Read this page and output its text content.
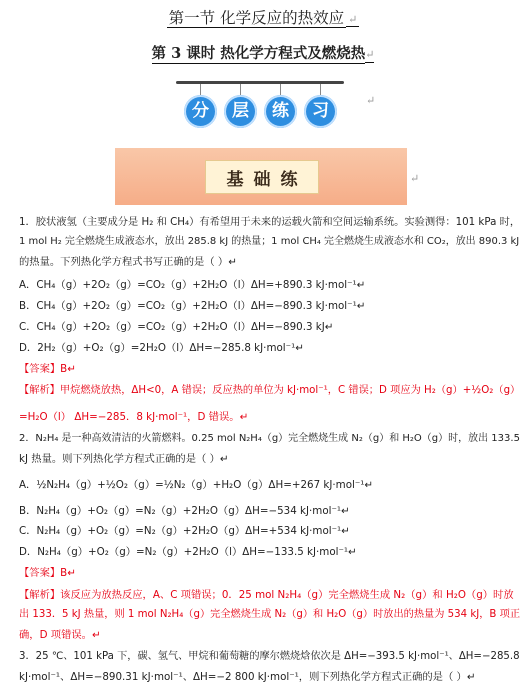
第一节 化学反应的热效应 ↵
第 3 课时 热化学方程式及燃烧热↵
分	层	练	习
↵
基础练	↵
1．胶状液氢（主要成分是 H₂ 和 CH₄）有希望用于未来的运载火箭和空间运输系统。实验测得：101 kPa 时，
1 mol H₂ 完全燃烧生成液态水，放出 285.8 kJ 的热量；1 mol CH₄ 完全燃烧生成液态水和 CO₂，放出 890.3 kJ
的热量。下列热化学方程式书写正确的是（ ）↵
A．CH₄（g）+2O₂（g）=CO₂（g）+2H₂O（l）ΔH=+890.3 kJ·mol⁻¹↵
B．CH₄（g）+2O₂（g）=CO₂（g）+2H₂O（l）ΔH=−890.3 kJ·mol⁻¹↵
C．CH₄（g）+2O₂（g）=CO₂（g）+2H₂O（l）ΔH=−890.3 kJ↵
D．2H₂（g）+O₂（g）=2H₂O（l）ΔH=−285.8 kJ·mol⁻¹↵
【答案】B↵
【解析】甲烷燃烧放热，ΔH<0，A 错误；反应热的单位为 kJ·mol⁻¹，C 错误；D 项应为 H₂（g）+½O₂（g）
=H₂O（l） ΔH=−285．8 kJ·mol⁻¹，D 错误。↵
2．N₂H₄ 是一种高效清洁的火箭燃料。0.25 mol N₂H₄（g）完全燃烧生成 N₂（g）和 H₂O（g）时，放出 133.5
kJ 热量。则下列热化学方程式正确的是（ ）↵
A．½N₂H₄（g）+½O₂（g）=½N₂（g）+H₂O（g）ΔH=+267 kJ·mol⁻¹↵
B．N₂H₄（g）+O₂（g）=N₂（g）+2H₂O（g）ΔH=−534 kJ·mol⁻¹↵
C．N₂H₄（g）+O₂（g）=N₂（g）+2H₂O（g）ΔH=+534 kJ·mol⁻¹↵
D．N₂H₄（g）+O₂（g）=N₂（g）+2H₂O（l）ΔH=−133.5 kJ·mol⁻¹↵
【答案】B↵
【解析】该反应为放热反应，A、C 项错误；0．25 mol N₂H₄（g）完全燃烧生成 N₂（g）和 H₂O（g）时放
出 133．5 kJ 热量，则 1 mol N₂H₄（g）完全燃烧生成 N₂（g）和 H₂O（g）时放出的热量为 534 kJ，B 项正
确，D 项错误。↵
3．25 ℃、101 kPa 下，碳、氢气、甲烷和葡萄糖的摩尔燃烧焓依次是 ΔH=−393.5 kJ·mol⁻¹、ΔH=−285.8
kJ·mol⁻¹、ΔH=−890.31 kJ·mol⁻¹、ΔH=−2 800 kJ·mol⁻¹，则下列热化学方程式正确的是（ ）↵
